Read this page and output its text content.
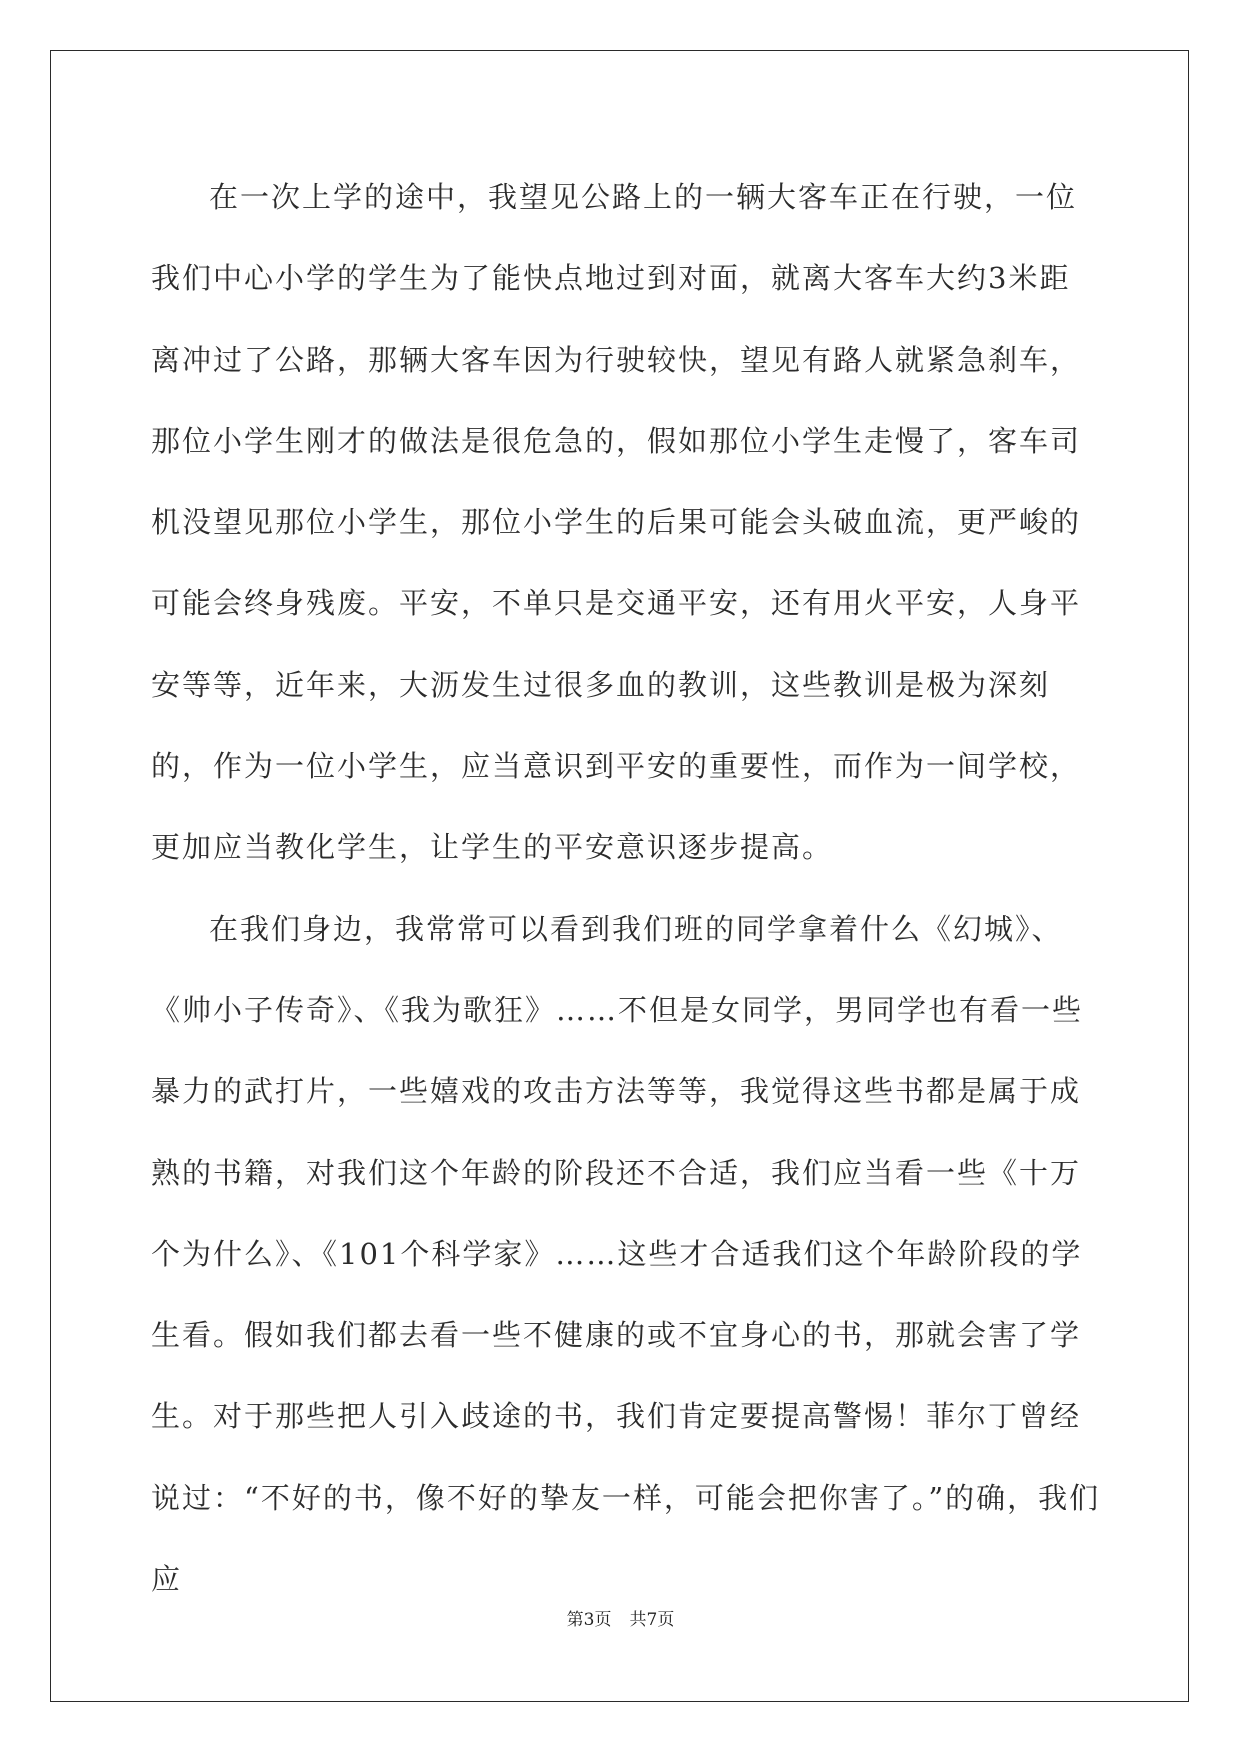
在一次上学的途中，我望见公路上的一辆大客车正在行驶，一位我们中心小学的学生为了能快点地过到对面，就离大客车大约3米距离冲过了公路，那辆大客车因为行驶较快，望见有路人就紧急刹车，那位小学生刚才的做法是很危急的，假如那位小学生走慢了，客车司机没望见那位小学生，那位小学生的后果可能会头破血流，更严峻的可能会终身残废。平安，不单只是交通平安，还有用火平安，人身平安等等，近年来，大沥发生过很多血的教训，这些教训是极为深刻的，作为一位小学生，应当意识到平安的重要性，而作为一间学校，更加应当教化学生，让学生的平安意识逐步提高。

在我们身边，我常常可以看到我们班的同学拿着什么《幻城》、《帅小子传奇》、《我为歌狂》……不但是女同学，男同学也有看一些暴力的武打片，一些嬉戏的攻击方法等等，我觉得这些书都是属于成熟的书籍，对我们这个年龄的阶段还不合适，我们应当看一些《十万个为什么》、《101个科学家》……这些才合适我们这个年龄阶段的学生看。假如我们都去看一些不健康的或不宜身心的书，那就会害了学生。对于那些把人引入歧途的书，我们肯定要提高警惕！菲尔丁曾经说过：“不好的书，像不好的挚友一样，可能会把你害了。”的确，我们应

第3页 共7页
